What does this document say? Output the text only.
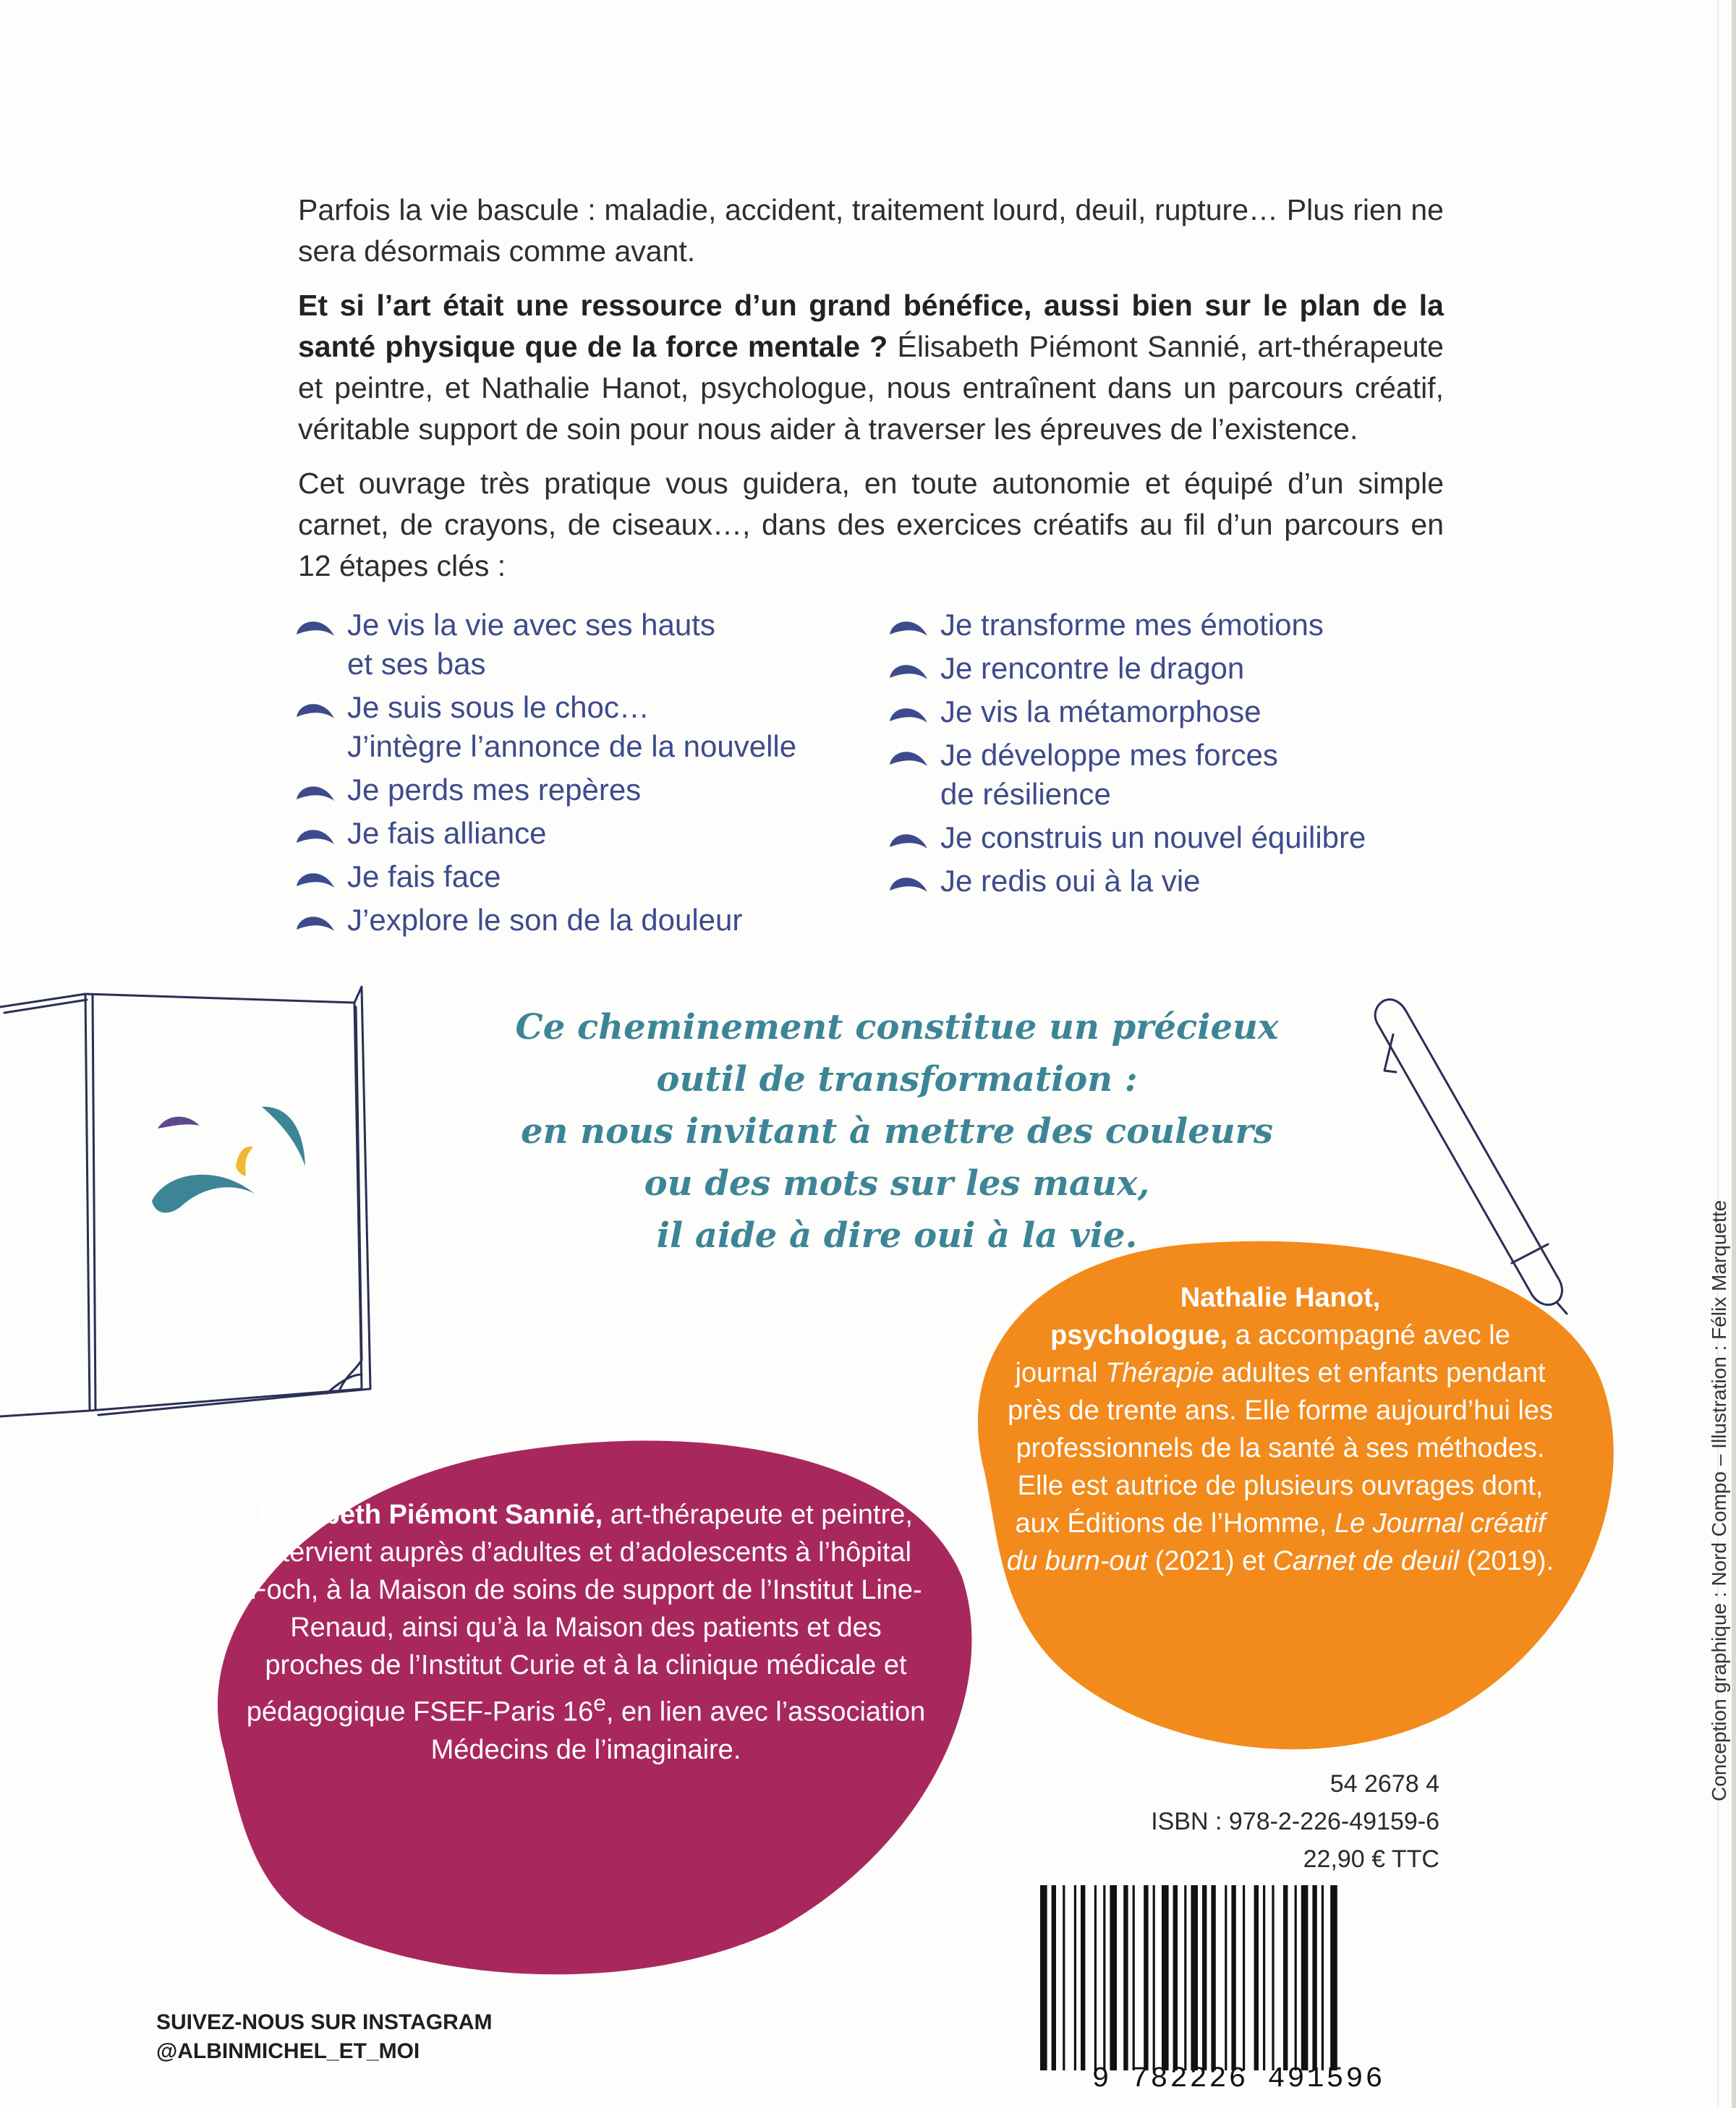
Parfois la vie bascule : maladie, accident, traitement lourd, deuil, rupture… Plus rien ne sera désormais comme avant.

Et si l’art était une ressource d’un grand bénéfice, aussi bien sur le plan de la santé physique que de la force mentale ? Élisabeth Piémont Sannié, art-thérapeute et peintre, et Nathalie Hanot, psychologue, nous entraînent dans un parcours créatif, véritable support de soin pour nous aider à traverser les épreuves de l’existence.

Cet ouvrage très pratique vous guidera, en toute autonomie et équipé d’un simple carnet, de crayons, de ciseaux…, dans des exercices créatifs au fil d’un parcours en 12 étapes clés :

Je vis la vie avec ses hauts
et ses bas
Je suis sous le choc…
J’intègre l’annonce de la nouvelle
Je perds mes repères
Je fais alliance
Je fais face
J’explore le son de la douleur
Je transforme mes émotions
Je rencontre le dragon
Je vis la métamorphose
Je développe mes forces
de résilience
Je construis un nouvel équilibre
Je redis oui à la vie

Ce cheminement constitue un précieux
outil de transformation :
en nous invitant à mettre des couleurs
ou des mots sur les maux,
il aide à dire oui à la vie.

Nathalie Hanot,
psychologue, a accompagné avec le journal Thérapie adultes et enfants pendant près de trente ans. Elle forme aujourd’hui les professionnels de la santé à ses méthodes. Elle est autrice de plusieurs ouvrages dont, aux Éditions de l’Homme, Le Journal créatif du burn-out (2021) et Carnet de deuil (2019).

Élisabeth Piémont Sannié, art-thérapeute et peintre, intervient auprès d’adultes et d’adolescents à l’hôpital Foch, à la Maison de soins de support de l’Institut Line-Renaud, ainsi qu’à la Maison des patients et des proches de l’Institut Curie et à la clinique médicale et pédagogique FSEF-Paris 16e, en lien avec l’association Médecins de l’imaginaire.

54 2678 4
ISBN : 978-2-226-49159-6
22,90 € TTC
9 782226 491596
SUIVEZ-NOUS SUR INSTAGRAM
@ALBINMICHEL_ET_MOI
Conception graphique : Nord Compo – Illustration : Félix Marquette
